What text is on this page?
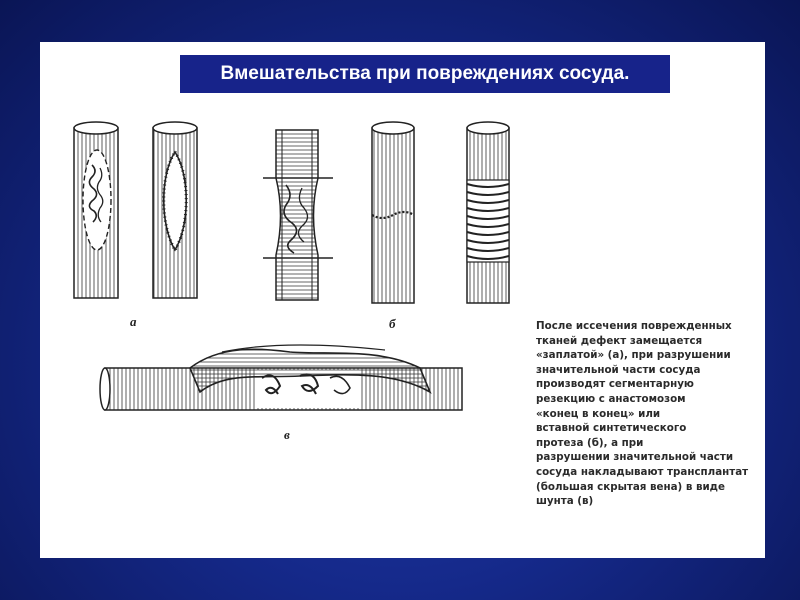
Вмешательства при повреждениях сосуда.
а	б
в
После иссечения поврежденных
тканей дефект замещается
«заплатой» (а), при разрушении
значительной части сосуда
производят сегментарную
резекцию с анастомозом
«конец в конец» или
вставной синтетического
протеза (б), а при
разрушении значительной части
сосуда накладывают трансплантат
(большая скрытая вена) в виде
шунта (в)
